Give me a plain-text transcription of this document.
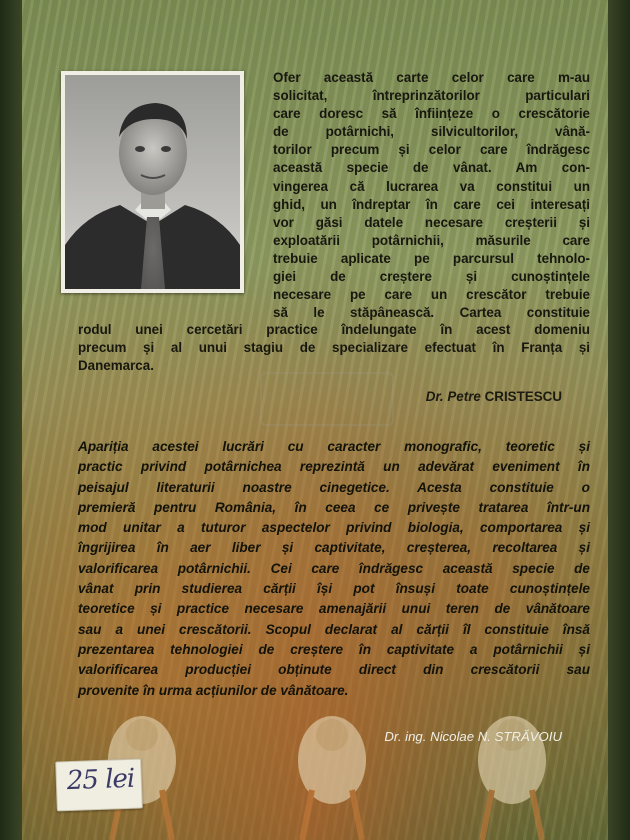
Ofer această carte celor care m-au
solicitat, întreprinzătorilor particulari
care doresc să înființeze o crescătorie
de potârnichi, silvicultorilor, vână-
torilor precum și celor care îndrăgesc
această specie de vânat. Am con-
vingerea că lucrarea va constitui un
ghid, un îndreptar în care cei interesați
vor găsi datele necesare creșterii și
exploatării potârnichii, măsurile care
trebuie aplicate pe parcursul tehnolo-
giei de creștere și cunoștințele
necesare pe care un crescător trebuie
să le stăpânească. Cartea constituie
rodul unei cercetări practice îndelungate în acest domeniu
precum și al unui stagiu de specializare efectuat în Franța și
Danemarca.
Dr. Petre CRISTESCU
Apariția acestei lucrări cu caracter monografic, teoretic și
practic privind potârnichea reprezintă un adevărat eveniment în
peisajul literaturii noastre cinegetice. Acesta constituie o
premieră pentru România, în ceea ce privește tratarea într-un
mod unitar a tuturor aspectelor privind biologia, comportarea și
îngrijirea în aer liber și captivitate, creșterea, recoltarea și
valorificarea potârnichii. Cei care îndrăgesc această specie de
vânat prin studierea cărții își pot însuși toate cunoștințele
teoretice și practice necesare amenajării unui teren de vânătoare
sau a unei crescătorii. Scopul declarat al cărții îl constituie însă
prezentarea tehnologiei de creștere în captivitate a potârnichii și
valorificarea producției obținute direct din crescătorii sau
provenite în urma acțiunilor de vânătoare.
Dr. ing. Nicolae N. STRĂVOIU
25 lei
